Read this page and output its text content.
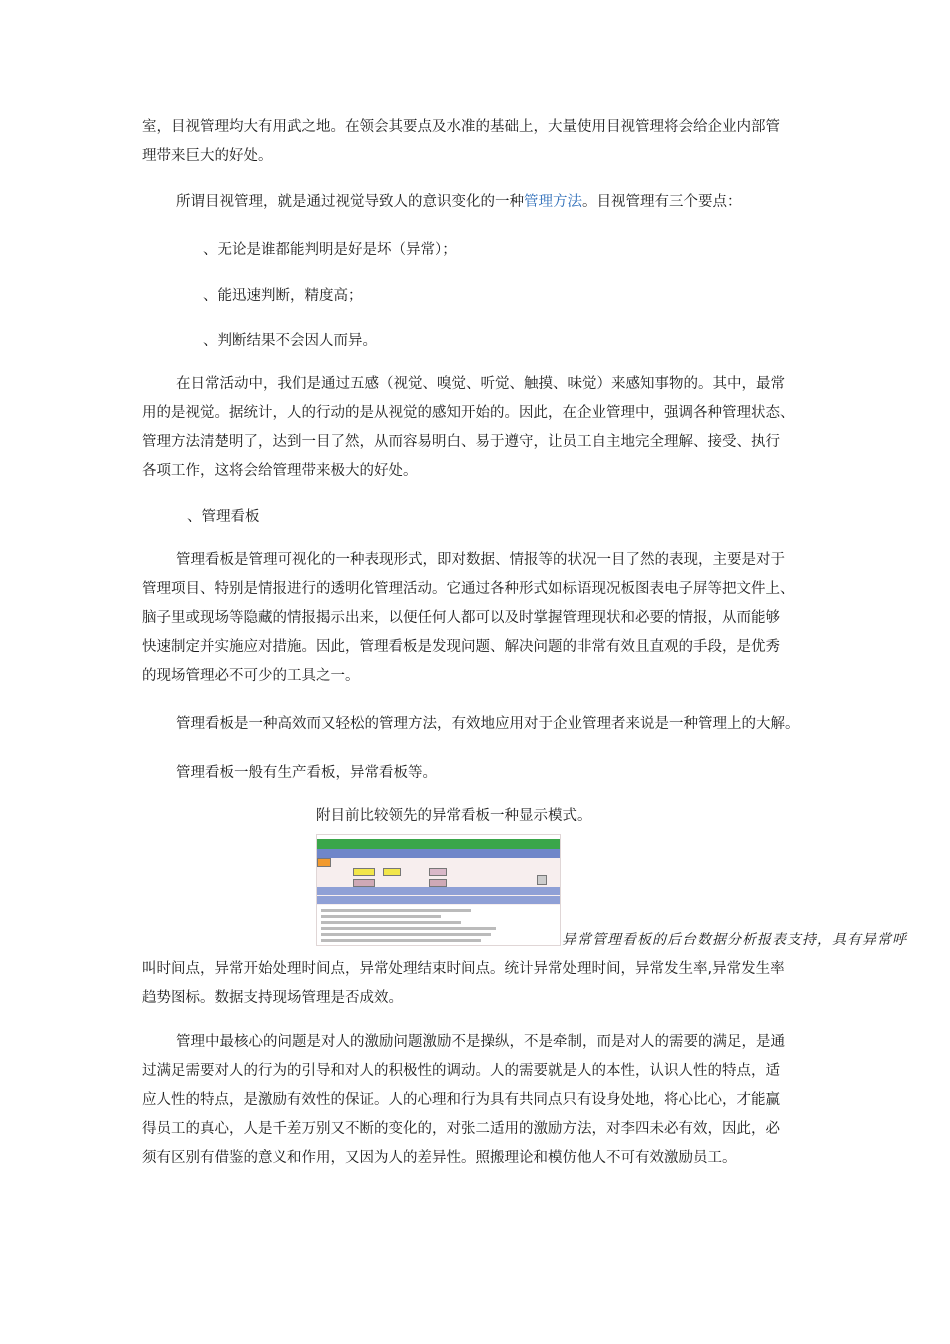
室，目视管理均大有用武之地。在领会其要点及水准的基础上，大量使用目视管理将会给企业内部管
理带来巨大的好处。

所谓目视管理，就是通过视觉导致人的意识变化的一种管理方法。目视管理有三个要点：

、无论是谁都能判明是好是坏（异常）；

、能迅速判断，精度高；

、判断结果不会因人而异。

在日常活动中，我们是通过五感（视觉、嗅觉、听觉、触摸、味觉）来感知事物的。其中，最常
用的是视觉。据统计，人的行动的是从视觉的感知开始的。因此，在企业管理中，强调各种管理状态、
管理方法清楚明了，达到一目了然，从而容易明白、易于遵守，让员工自主地完全理解、接受、执行
各项工作，这将会给管理带来极大的好处。

、管理看板

管理看板是管理可视化的一种表现形式，即对数据、情报等的状况一目了然的表现，主要是对于
管理项目、特别是情报进行的透明化管理活动。它通过各种形式如标语现况板图表电子屏等把文件上、
脑子里或现场等隐藏的情报揭示出来，以便任何人都可以及时掌握管理现状和必要的情报，从而能够
快速制定并实施应对措施。因此，管理看板是发现问题、解决问题的非常有效且直观的手段，是优秀
的现场管理必不可少的工具之一。

管理看板是一种高效而又轻松的管理方法，有效地应用对于企业管理者来说是一种管理上的大解。

管理看板一般有生产看板，异常看板等。

附目前比较领先的异常看板一种显示模式。

异常管理看板的后台数据分析报表支持，具有异常呼

叫时间点，异常开始处理时间点，异常处理结束时间点。统计异常处理时间，异常发生率,异常发生率
趋势图标。数据支持现场管理是否成效。

管理中最核心的问题是对人的激励问题激励不是操纵，不是牵制，而是对人的需要的满足，是通
过满足需要对人的行为的引导和对人的积极性的调动。人的需要就是人的本性，认识人性的特点，适
应人性的特点，是激励有效性的保证。人的心理和行为具有共同点只有设身处地，将心比心，才能赢
得员工的真心，人是千差万别又不断的变化的，对张二适用的激励方法，对李四未必有效，因此，必
须有区别有借鉴的意义和作用，又因为人的差异性。照搬理论和模仿他人不可有效激励员工。
